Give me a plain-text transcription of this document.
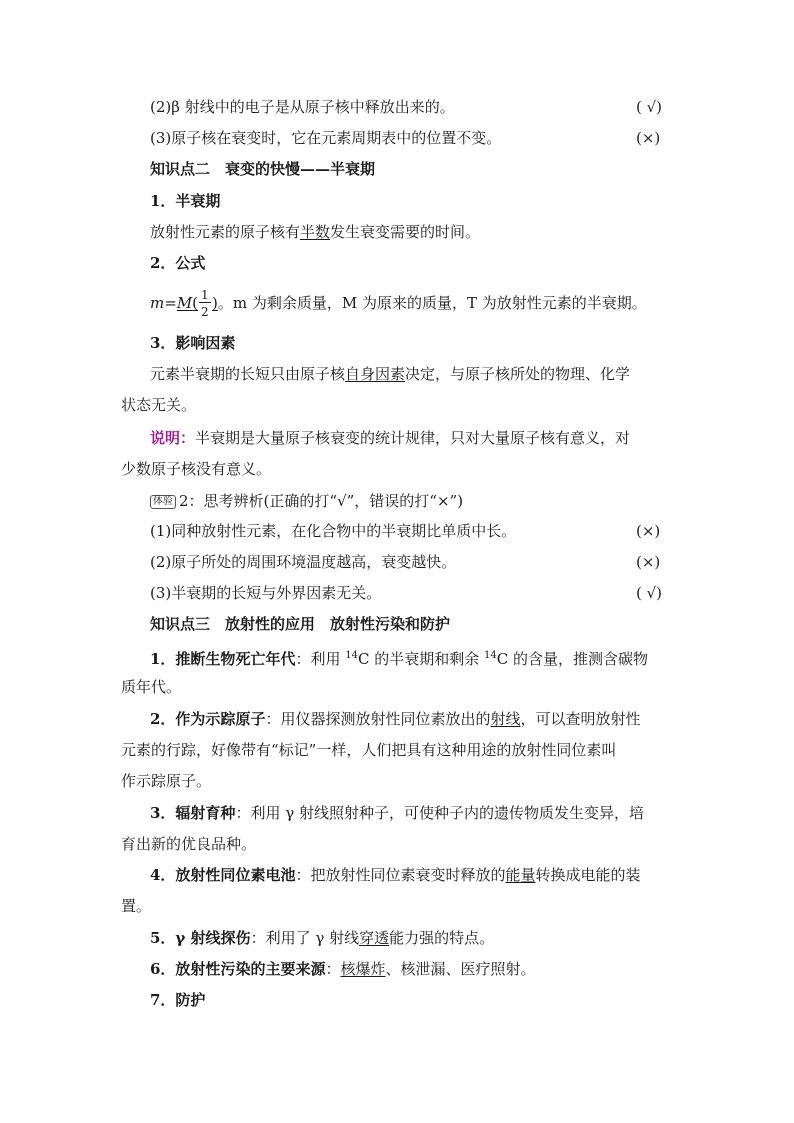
(2)β 射线中的电子是从原子核中释放出来的。	( √)
(3)原子核在衰变时，它在元素周期表中的位置不变。	(×)
知识点二　衰变的快慢——半衰期
1．半衰期
放射性元素的原子核有半数发生衰变需要的时间。
2．公式
$m=M( \frac{1}{2}$ )。m 为剩余质量，M 为原来的质量，T 为放射性元素的半衰期。
3．影响因素
元素半衰期的长短只由原子核自身因素决定，与原子核所处的物理、化学
状态无关。
说明：半衰期是大量原子核衰变的统计规律，只对大量原子核有意义，对
少数原子核没有意义。
体验 2：思考辨析(正确的打“√”，错误的打“×”)
(1)同种放射性元素，在化合物中的半衰期比单质中长。	(×)
(2)原子所处的周围环境温度越高，衰变越快。	(×)
(3)半衰期的长短与外界因素无关。	( √)
知识点三　放射性的应用　放射性污染和防护
1．推断生物死亡年代：利用 $^{14}$C 的半衰期和剩余 $^{14}$C 的含量，推测含碳物
质年代。
2．作为示踪原子：用仪器探测放射性同位素放出的射线，可以查明放射性
元素的行踪，好像带有“标记”一样，人们把具有这种用途的放射性同位素叫
作示踪原子。
3．辐射育种：利用 γ 射线照射种子，可使种子内的遗传物质发生变异，培
育出新的优良品种。
4．放射性同位素电池：把放射性同位素衰变时释放的能量转换成电能的装
置。
5．γ 射线探伤：利用了 γ 射线穿透能力强的特点。
6．放射性污染的主要来源：核爆炸、核泄漏、医疗照射。
7．防护
